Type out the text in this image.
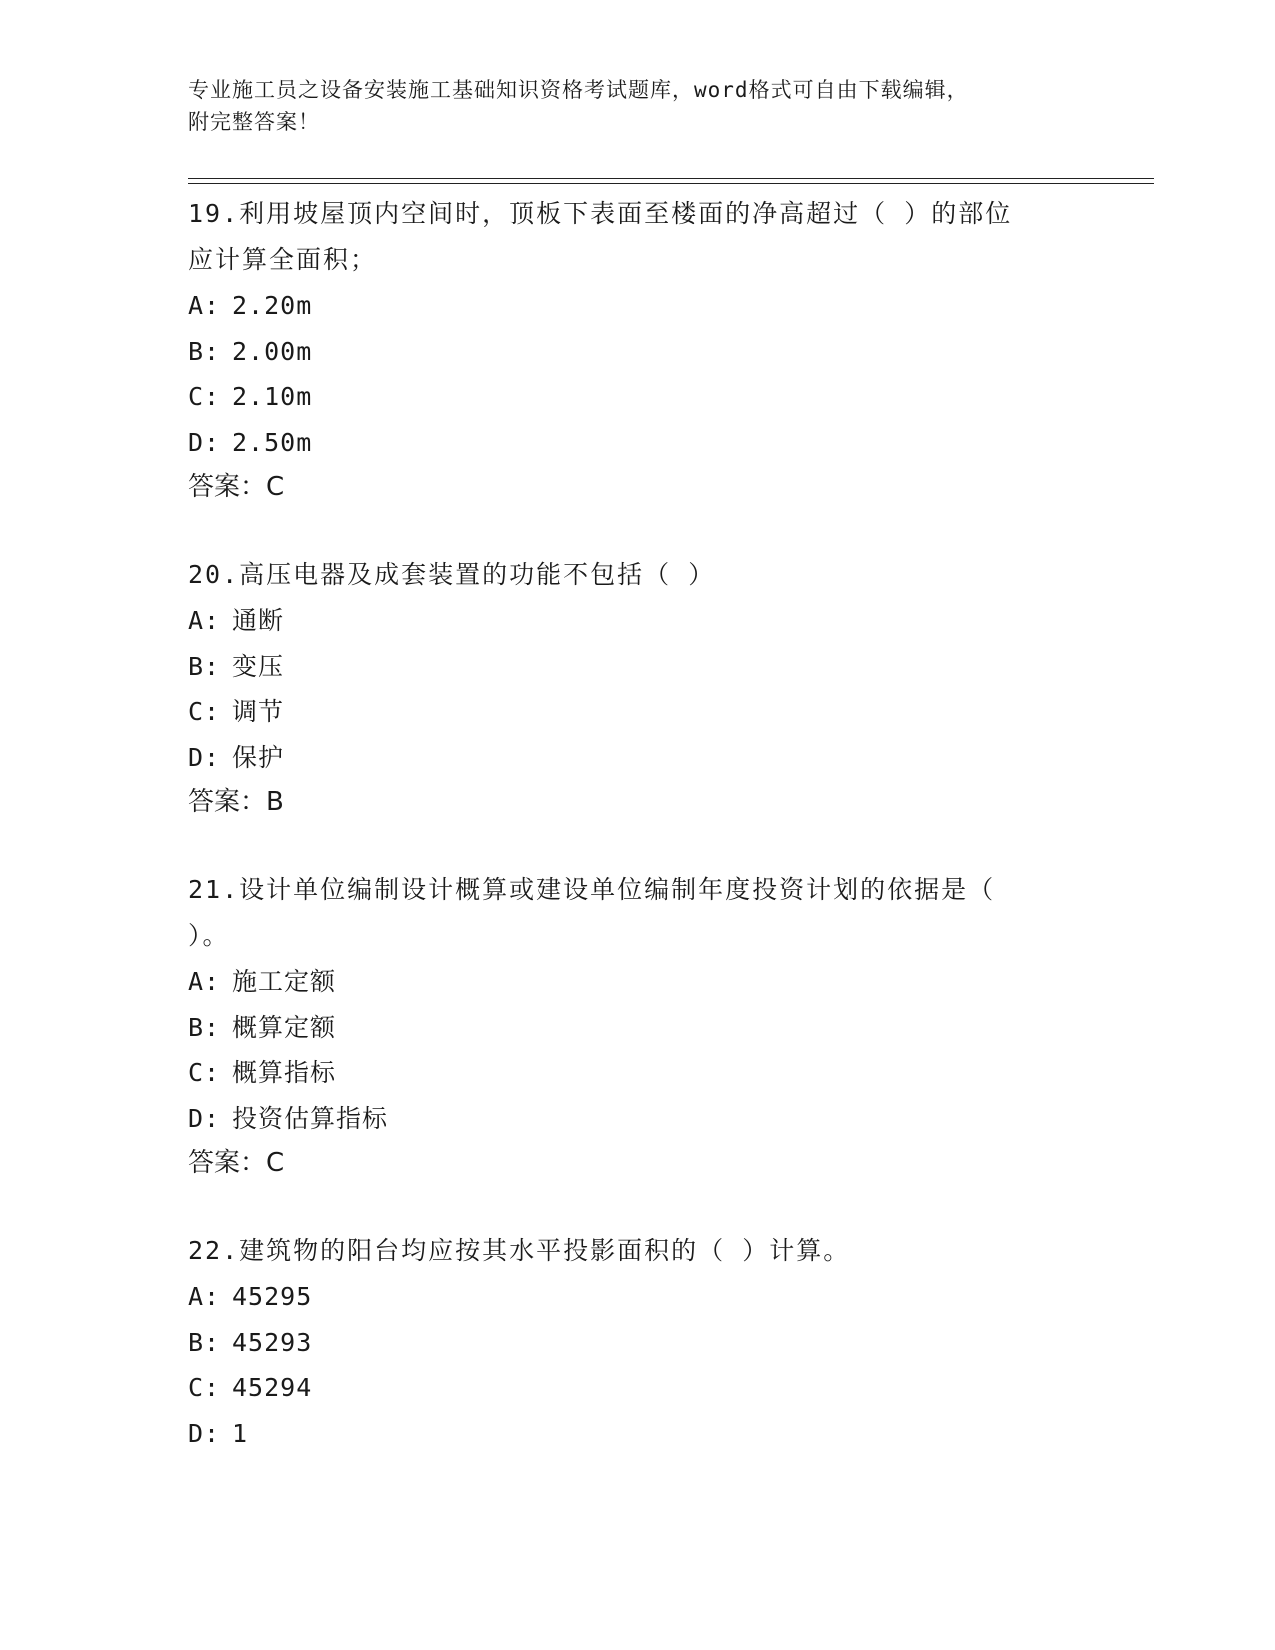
专业施工员之设备安装施工基础知识资格考试题库，word格式可自由下载编辑，
附完整答案！

19.利用坡屋顶内空间时，顶板下表面至楼面的净高超过（ ）的部位

应计算全面积；

A: 2.20m
B: 2.00m
C: 2.10m
D: 2.50m

答案：C

20.高压电器及成套装置的功能不包括（ ）

A: 通断
B: 变压
C: 调节
D: 保护

答案：B

21.设计单位编制设计概算或建设单位编制年度投资计划的依据是（

）。

A: 施工定额
B: 概算定额
C: 概算指标
D: 投资估算指标

答案：C

22.建筑物的阳台均应按其水平投影面积的（ ）计算。

A: 45295
B: 45293
C: 45294
D: 1
